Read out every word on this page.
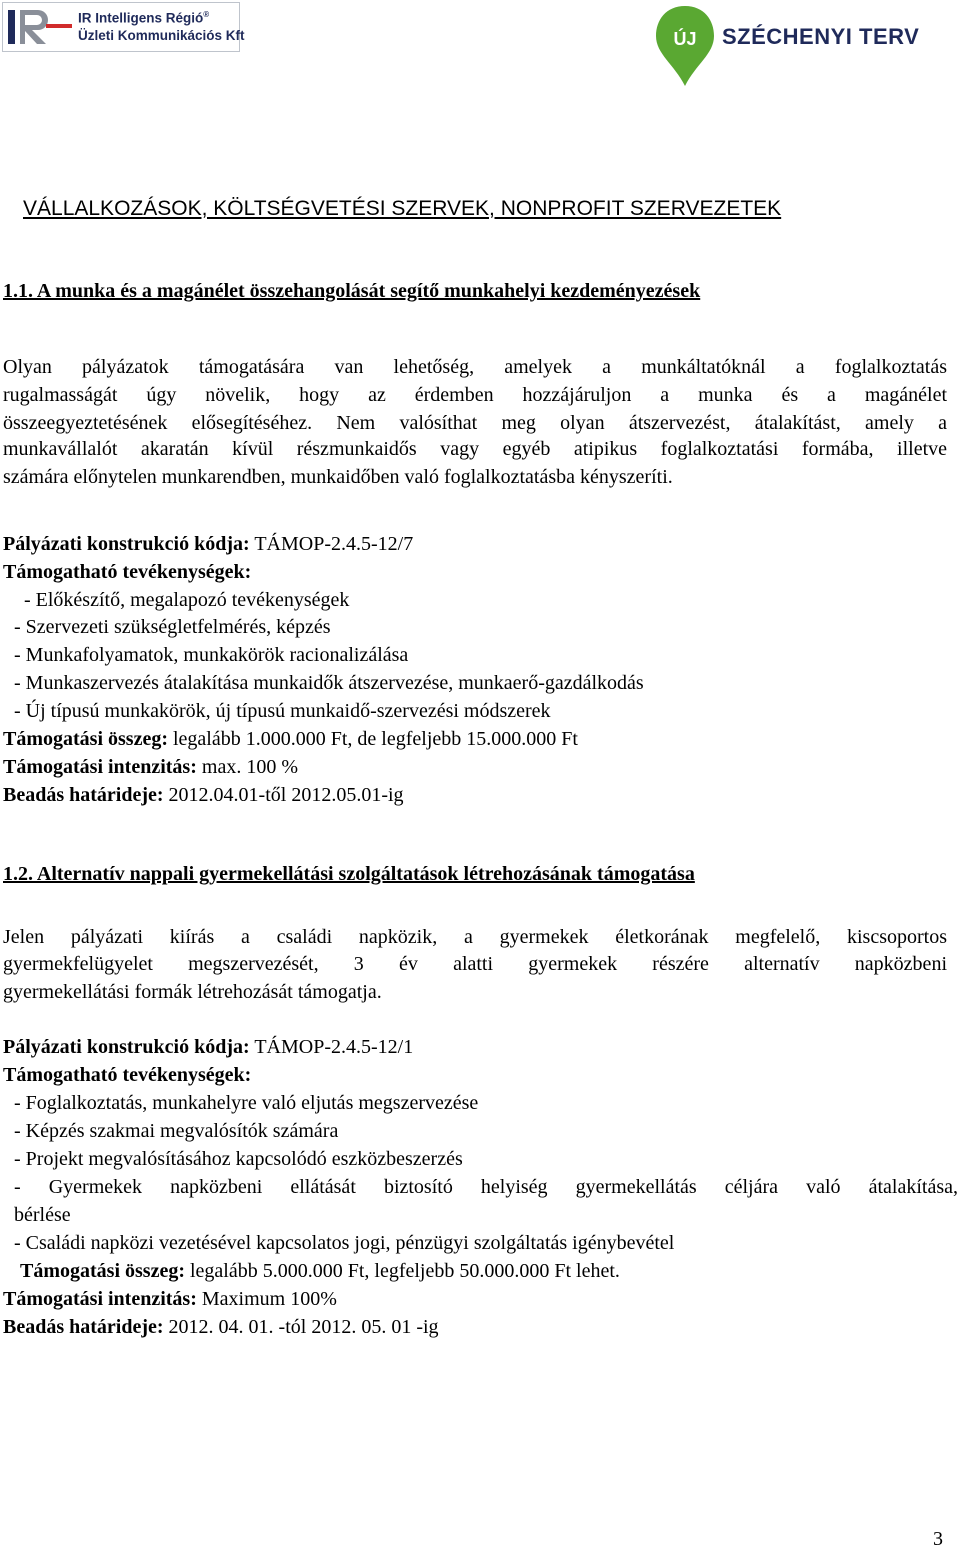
IR Intelligens Régió®
Üzleti Kommunikációs Kft	ÚJ SZÉCHENYI TERV
VÁLLALKOZÁSOK, KÖLTSÉGVETÉSI SZERVEK, NONPROFIT SZERVEZETEK
1.1. A munka és a magánélet összehangolását segítő munkahelyi kezdeményezések
Olyan pályázatok támogatására van lehetőség, amelyek a munkáltatóknál a foglalkoztatás
rugalmasságát úgy növelik, hogy az érdemben hozzájáruljon a munka és a magánélet
összeegyeztetésének elősegítéséhez. Nem valósíthat meg olyan átszervezést, átalakítást, amely a
munkavállalót akaratán kívül részmunkaidős vagy egyéb atipikus foglalkoztatási formába, illetve
számára előnytelen munkarendben, munkaidőben való foglalkoztatásba kényszeríti.
Pályázati konstrukció kódja: TÁMOP-2.4.5-12/7
Támogatható tevékenységek:
- Előkészítő, megalapozó tevékenységek
- Szervezeti szükségletfelmérés, képzés
- Munkafolyamatok, munkakörök racionalizálása
- Munkaszervezés átalakítása munkaidők átszervezése, munkaerő-gazdálkodás
- Új típusú munkakörök, új típusú munkaidő-szervezési módszerek
Támogatási összeg: legalább 1.000.000 Ft, de legfeljebb 15.000.000 Ft
Támogatási intenzitás: max. 100 %
Beadás határideje: 2012.04.01-től 2012.05.01-ig
1.2. Alternatív nappali gyermekellátási szolgáltatások létrehozásának támogatása
Jelen pályázati kiírás a családi napközik, a gyermekek életkorának megfelelő, kiscsoportos
gyermekfelügyelet megszervezését, 3 év alatti gyermekek részére alternatív napközbeni
gyermekellátási formák létrehozását támogatja.
Pályázati konstrukció kódja: TÁMOP-2.4.5-12/1
Támogatható tevékenységek:
- Foglalkoztatás, munkahelyre való eljutás megszervezése
- Képzés szakmai megvalósítók számára
- Projekt megvalósításához kapcsolódó eszközbeszerzés
- Gyermekek napközbeni ellátását biztosító helyiség gyermekellátás céljára való átalakítása,
bérlése
- Családi napközi vezetésével kapcsolatos jogi, pénzügyi szolgáltatás igénybevétel
Támogatási összeg: legalább 5.000.000 Ft, legfeljebb 50.000.000 Ft lehet.
Támogatási intenzitás: Maximum 100%
Beadás határideje: 2012. 04. 01. -tól 2012. 05. 01 -ig
3
